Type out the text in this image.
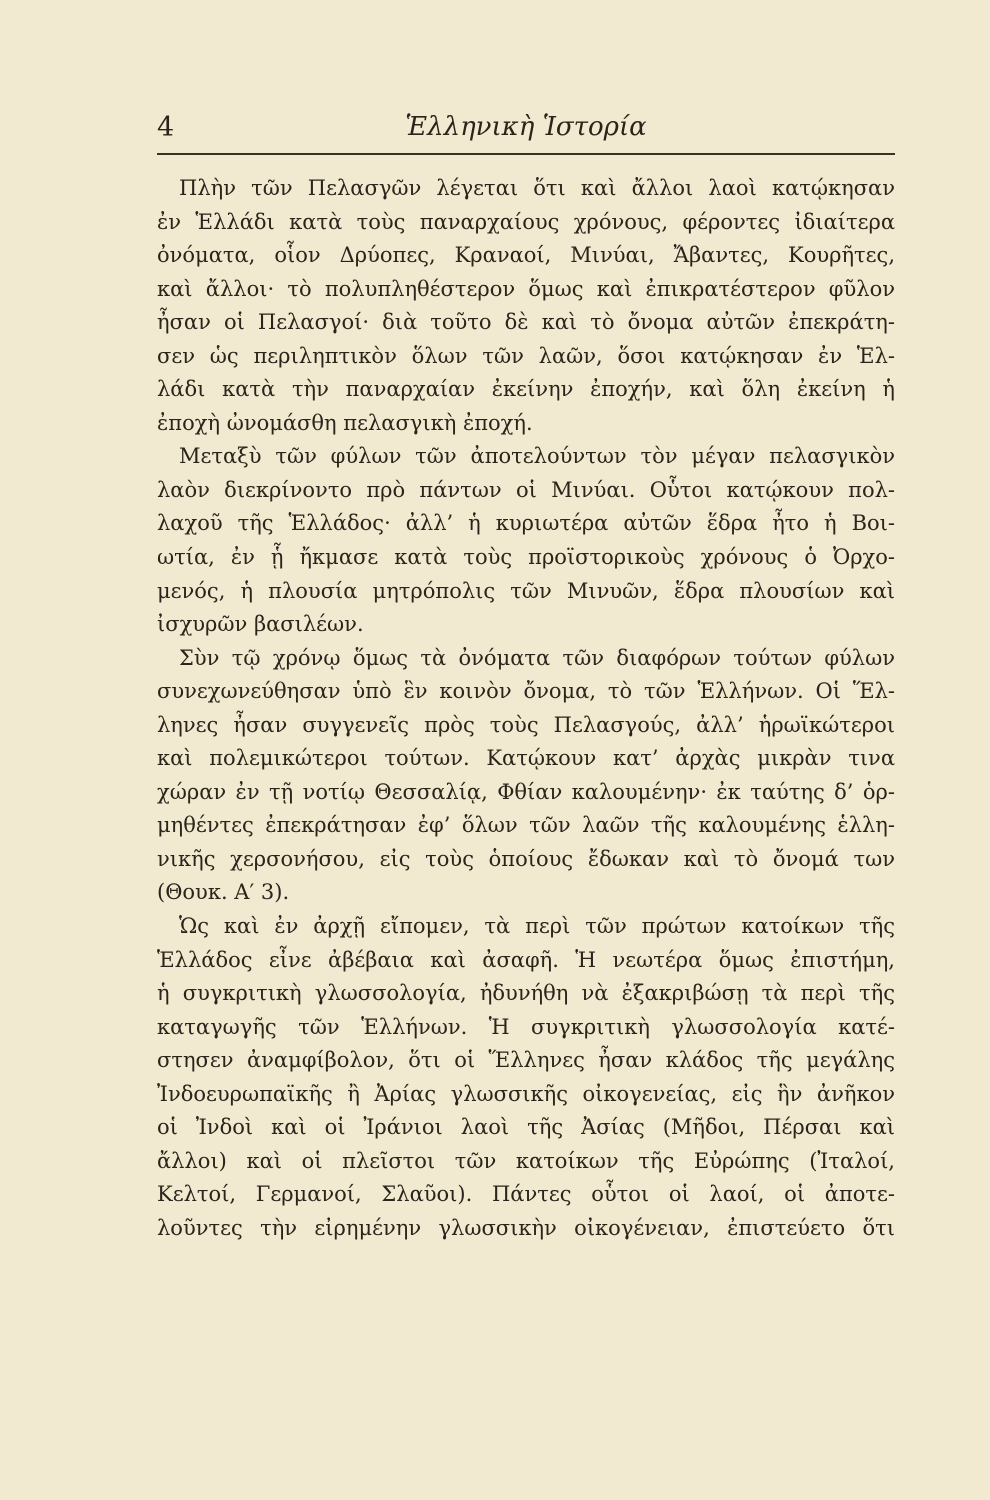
4	Ἑλληνικὴ Ἱστορία
Πλὴν τῶν Πελασγῶν λέγεται ὅτι καὶ ἄλλοι λαοὶ κατῴκησαν
ἐν Ἑλλάδι κατὰ τοὺς παναρχαίους χρόνους, φέροντες ἰδιαίτερα
ὀνόματα, οἷον Δρύοπες, Κραναοί, Μινύαι, Ἄβαντες, Κουρῆτες,
καὶ ἄλλοι· τὸ πολυπληθέστερον ὅμως καὶ ἐπικρατέστερον φῦλον
ἦσαν οἱ Πελασγοί· διὰ τοῦτο δὲ καὶ τὸ ὄνομα αὐτῶν ἐπεκράτη-
σεν ὡς περιληπτικὸν ὅλων τῶν λαῶν, ὅσοι κατῴκησαν ἐν Ἑλ-
λάδι κατὰ τὴν παναρχαίαν ἐκείνην ἐποχήν, καὶ ὅλη ἐκείνη ἡ
ἐποχὴ ὠνομάσθη πελασγικὴ ἐποχή.
Μεταξὺ τῶν φύλων τῶν ἀποτελούντων τὸν μέγαν πελασγικὸν
λαὸν διεκρίνοντο πρὸ πάντων οἱ Μινύαι. Οὗτοι κατῴκουν πολ-
λαχοῦ τῆς Ἑλλάδος· ἀλλ’ ἡ κυριωτέρα αὐτῶν ἕδρα ἦτο ἡ Βοι-
ωτία, ἐν ᾗ ἤκμασε κατὰ τοὺς προϊστορικοὺς χρόνους ὁ Ὀρχο-
μενός, ἡ πλουσία μητρόπολις τῶν Μινυῶν, ἕδρα πλουσίων καὶ
ἰσχυρῶν βασιλέων.
Σὺν τῷ χρόνῳ ὅμως τὰ ὀνόματα τῶν διαφόρων τούτων φύλων
συνεχωνεύθησαν ὑπὸ ἓν κοινὸν ὄνομα, τὸ τῶν Ἑλλήνων. Οἱ Ἕλ-
ληνες ἦσαν συγγενεῖς πρὸς τοὺς Πελασγούς, ἀλλ’ ἡρωϊκώτεροι
καὶ πολεμικώτεροι τούτων. Κατῴκουν κατ’ ἀρχὰς μικρὰν τινα
χώραν ἐν τῇ νοτίῳ Θεσσαλίᾳ, Φθίαν καλουμένην· ἐκ ταύτης δ’ ὁρ-
μηθέντες ἐπεκράτησαν ἐφ’ ὅλων τῶν λαῶν τῆς καλουμένης ἑλλη-
νικῆς χερσονήσου, εἰς τοὺς ὁποίους ἔδωκαν καὶ τὸ ὄνομά των
(Θουκ. Α′ 3).
Ὡς καὶ ἐν ἀρχῇ εἴπομεν, τὰ περὶ τῶν πρώτων κατοίκων τῆς
Ἑλλάδος εἶνε ἀβέβαια καὶ ἀσαφῆ. Ἡ νεωτέρα ὅμως ἐπιστήμη,
ἡ συγκριτικὴ γλωσσολογία, ἠδυνήθη νὰ ἐξακριβώσῃ τὰ περὶ τῆς
καταγωγῆς τῶν Ἑλλήνων. Ἡ συγκριτικὴ γλωσσολογία κατέ-
στησεν ἀναμφίβολον, ὅτι οἱ Ἕλληνες ἦσαν κλάδος τῆς μεγάλης
Ἰνδοευρωπαϊκῆς ἢ Ἀρίας γλωσσικῆς οἰκογενείας, εἰς ἣν ἀνῆκον
οἱ Ἰνδοὶ καὶ οἱ Ἰράνιοι λαοὶ τῆς Ἀσίας (Μῆδοι, Πέρσαι καὶ
ἄλλοι) καὶ οἱ πλεῖστοι τῶν κατοίκων τῆς Εὐρώπης (Ἰταλοί,
Κελτοί, Γερμανοί, Σλαῦοι). Πάντες οὗτοι οἱ λαοί, οἱ ἀποτε-
λοῦντες τὴν εἰρημένην γλωσσικὴν οἰκογένειαν, ἐπιστεύετο ὅτι
